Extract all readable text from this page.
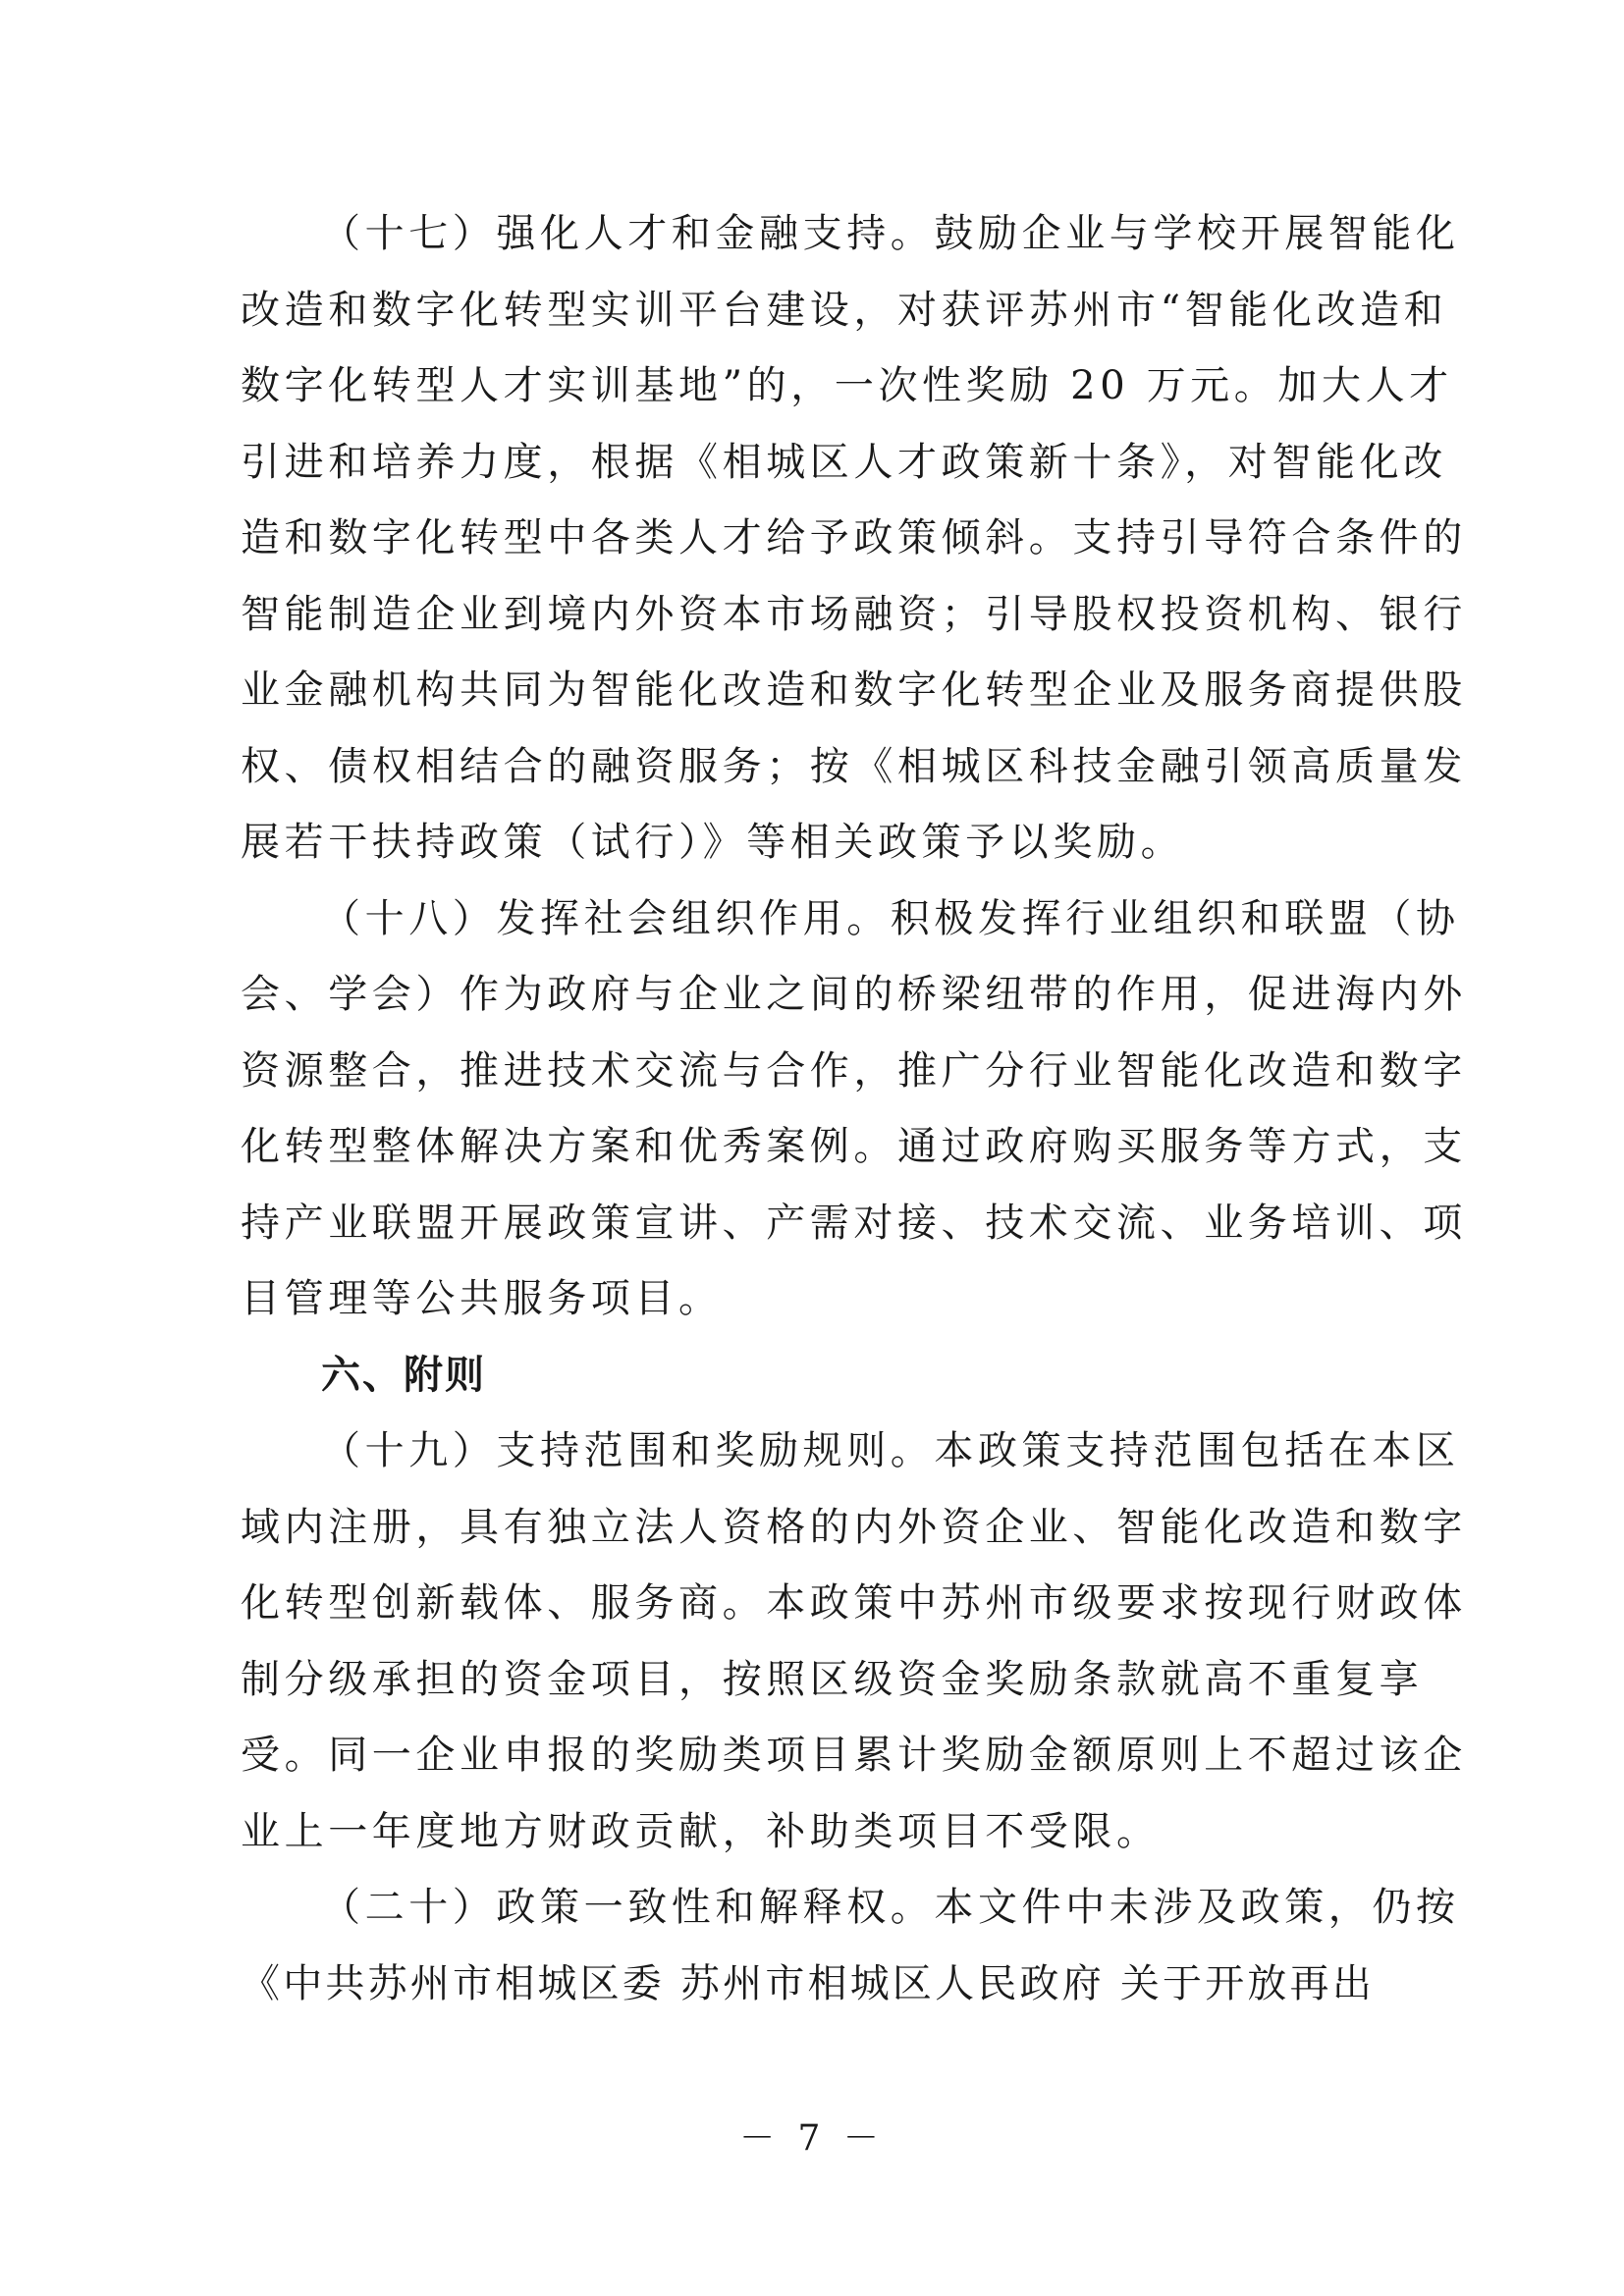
（十七）强化人才和金融支持。鼓励企业与学校开展智能化
改造和数字化转型实训平台建设，对获评苏州市“智能化改造和
数字化转型人才实训基地”的，一次性奖励 20 万元。加大人才
引进和培养力度，根据《相城区人才政策新十条》，对智能化改
造和数字化转型中各类人才给予政策倾斜。支持引导符合条件的
智能制造企业到境内外资本市场融资；引导股权投资机构、银行
业金融机构共同为智能化改造和数字化转型企业及服务商提供股
权、债权相结合的融资服务；按《相城区科技金融引领高质量发
展若干扶持政策（试行）》等相关政策予以奖励。
（十八）发挥社会组织作用。积极发挥行业组织和联盟（协
会、学会）作为政府与企业之间的桥梁纽带的作用，促进海内外
资源整合，推进技术交流与合作，推广分行业智能化改造和数字
化转型整体解决方案和优秀案例。通过政府购买服务等方式，支
持产业联盟开展政策宣讲、产需对接、技术交流、业务培训、项
目管理等公共服务项目。
六、附则
（十九）支持范围和奖励规则。本政策支持范围包括在本区
域内注册，具有独立法人资格的内外资企业、智能化改造和数字
化转型创新载体、服务商。本政策中苏州市级要求按现行财政体
制分级承担的资金项目，按照区级资金奖励条款就高不重复享
受。同一企业申报的奖励类项目累计奖励金额原则上不超过该企
业上一年度地方财政贡献，补助类项目不受限。
（二十）政策一致性和解释权。本文件中未涉及政策，仍按
《中共苏州市相城区委 苏州市相城区人民政府 关于开放再出
－ 7 －
